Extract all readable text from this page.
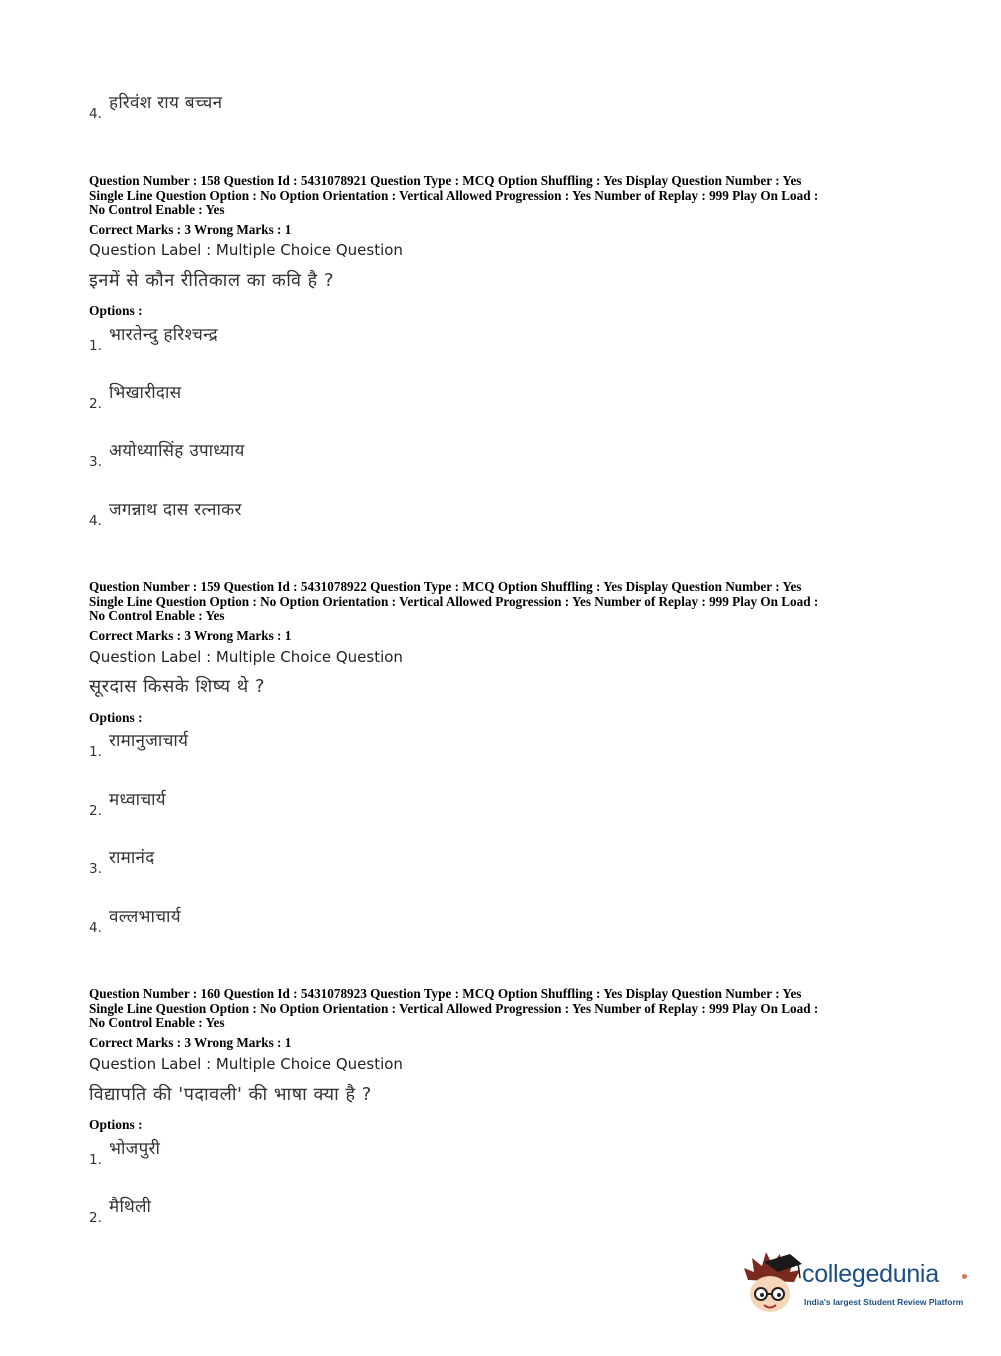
4.
हरिवंश राय बच्चन
Question Number : 158 Question Id : 5431078921 Question Type : MCQ Option Shuffling : Yes Display Question Number : Yes
Single Line Question Option : No Option Orientation : Vertical Allowed Progression : Yes Number of Replay : 999 Play On Load :
No Control Enable : Yes
Correct Marks : 3 Wrong Marks : 1
Question Label : Multiple Choice Question
इनमें से कौन रीतिकाल का कवि है ?
Options :
1.
भारतेन्दु हरिश्चन्द्र
2.
भिखारीदास
3.
अयोध्यासिंह उपाध्याय
4.
जगन्नाथ दास रत्नाकर
Question Number : 159 Question Id : 5431078922 Question Type : MCQ Option Shuffling : Yes Display Question Number : Yes
Single Line Question Option : No Option Orientation : Vertical Allowed Progression : Yes Number of Replay : 999 Play On Load :
No Control Enable : Yes
Correct Marks : 3 Wrong Marks : 1
Question Label : Multiple Choice Question
सूरदास किसके शिष्य थे ?
Options :
1.
रामानुजाचार्य
2.
मध्वाचार्य
3.
रामानंद
4.
वल्लभाचार्य
Question Number : 160 Question Id : 5431078923 Question Type : MCQ Option Shuffling : Yes Display Question Number : Yes
Single Line Question Option : No Option Orientation : Vertical Allowed Progression : Yes Number of Replay : 999 Play On Load :
No Control Enable : Yes
Correct Marks : 3 Wrong Marks : 1
Question Label : Multiple Choice Question
विद्यापति की 'पदावली' की भाषा क्या है ?
Options :
1.
भोजपुरी
2.
मैथिली
collegedunia
India's largest Student Review Platform
